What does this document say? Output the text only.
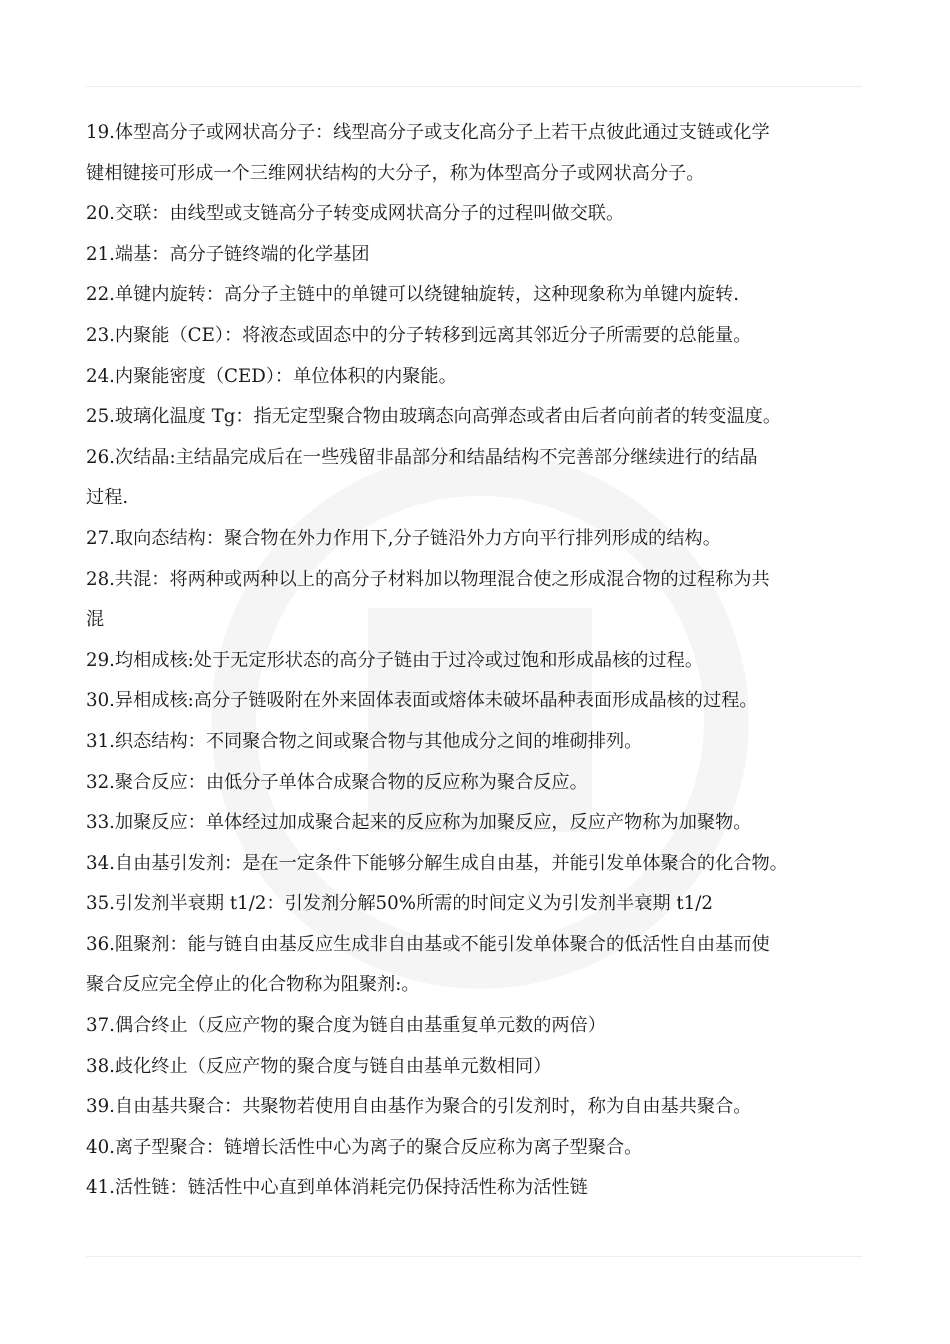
19.体型高分子或网状高分子：线型高分子或支化高分子上若干点彼此通过支链或化学
键相键接可形成一个三维网状结构的大分子，称为体型高分子或网状高分子。
20.交联：由线型或支链高分子转变成网状高分子的过程叫做交联。
21.端基：高分子链终端的化学基团
22.单键内旋转：高分子主链中的单键可以绕键轴旋转，这种现象称为单键内旋转.
23.内聚能（CE）：将液态或固态中的分子转移到远离其邻近分子所需要的总能量。
24.内聚能密度（CED）：单位体积的内聚能。
25.玻璃化温度 Tg：指无定型聚合物由玻璃态向高弹态或者由后者向前者的转变温度。
26.次结晶:主结晶完成后在一些残留非晶部分和结晶结构不完善部分继续进行的结晶
过程.
27.取向态结构：聚合物在外力作用下,分子链沿外力方向平行排列形成的结构。
28.共混：将两种或两种以上的高分子材料加以物理混合使之形成混合物的过程称为共
混
29.均相成核:处于无定形状态的高分子链由于过冷或过饱和形成晶核的过程。
30.异相成核:高分子链吸附在外来固体表面或熔体未破坏晶种表面形成晶核的过程。
31.织态结构：不同聚合物之间或聚合物与其他成分之间的堆砌排列。
32.聚合反应：由低分子单体合成聚合物的反应称为聚合反应。
33.加聚反应：单体经过加成聚合起来的反应称为加聚反应，反应产物称为加聚物。
34.自由基引发剂：是在一定条件下能够分解生成自由基，并能引发单体聚合的化合物。
35.引发剂半衰期 t1/2：引发剂分解50%所需的时间定义为引发剂半衰期 t1/2
36.阻聚剂：能与链自由基反应生成非自由基或不能引发单体聚合的低活性自由基而使
聚合反应完全停止的化合物称为阻聚剂:。
37.偶合终止（反应产物的聚合度为链自由基重复单元数的两倍）
38.歧化终止（反应产物的聚合度与链自由基单元数相同）
39.自由基共聚合：共聚物若使用自由基作为聚合的引发剂时，称为自由基共聚合。
40.离子型聚合：链增长活性中心为离子的聚合反应称为离子型聚合。
41.活性链：链活性中心直到单体消耗完仍保持活性称为活性链
